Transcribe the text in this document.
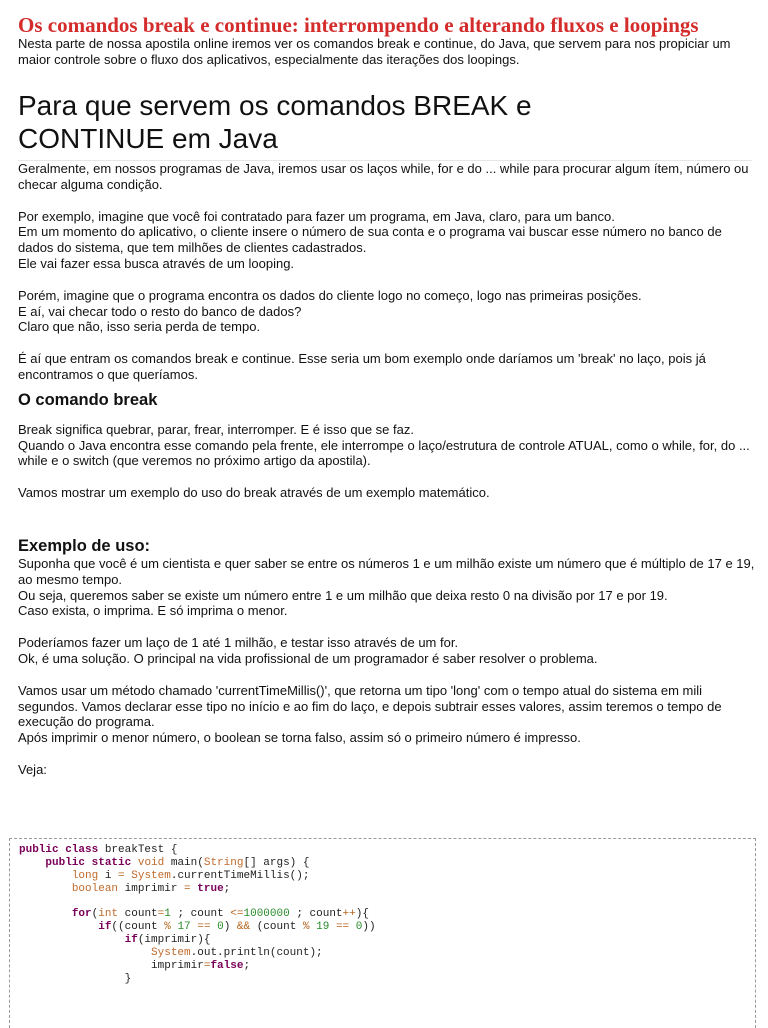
Os comandos break e continue: interrompendo e alterando fluxos e loopings

Nesta parte de nossa apostila online iremos ver os comandos break e continue, do Java, que servem para nos propiciar um maior controle sobre o fluxo dos aplicativos, especialmente das iterações dos loopings.

Para que servem os comandos BREAK e
CONTINUE em Java

Geralmente, em nossos programas de Java, iremos usar os laços while, for e do ... while para procurar algum ítem, número ou checar alguma condição.

Por exemplo, imagine que você foi contratado para fazer um programa, em Java, claro, para um banco.

Em um momento do aplicativo, o cliente insere o número de sua conta e o programa vai buscar esse número no banco de dados do sistema, que tem milhões de clientes cadastrados.

Ele vai fazer essa busca através de um looping.

Porém, imagine que o programa encontra os dados do cliente logo no começo, logo nas primeiras posições.

E aí, vai checar todo o resto do banco de dados?

Claro que não, isso seria perda de tempo.

É aí que entram os comandos break e continue. Esse seria um bom exemplo onde daríamos um 'break' no laço, pois já encontramos o que queríamos.

O comando break

Break significa quebrar, parar, frear, interromper. E é isso que se faz.

Quando o Java encontra esse comando pela frente, ele interrompe o laço/estrutura de controle ATUAL, como o while, for, do ... while e o switch (que veremos no próximo artigo da apostila).

Vamos mostrar um exemplo do uso do break através de um exemplo matemático.

Exemplo de uso:

Suponha que você é um cientista e quer saber se entre os números 1 e um milhão existe um número que é múltiplo de 17 e 19, ao mesmo tempo.

Ou seja, queremos saber se existe um número entre 1 e um milhão que deixa resto 0 na divisão por 17 e por 19.

Caso exista, o imprima. E só imprima o menor.

Poderíamos fazer um laço de 1 até 1 milhão, e testar isso através de um for.

Ok, é uma solução. O principal na vida profissional de um programador é saber resolver o problema.

Vamos usar um método chamado 'currentTimeMillis()', que retorna um tipo 'long' com o tempo atual do sistema em mili segundos. Vamos declarar esse tipo no início e ao fim do laço, e depois subtrair esses valores, assim teremos o tempo de execução do programa.

Após imprimir o menor número, o boolean se torna falso, assim só o primeiro número é impresso.

Veja:

public class breakTest {
public static void main(String[] args) {
long i = System.currentTimeMillis();
boolean imprimir = true;

for(int count=1 ; count <=1000000 ; count++){
if((count % 17 == 0) && (count % 19 == 0))
if(imprimir){
System.out.println(count);
imprimir=false;
}
